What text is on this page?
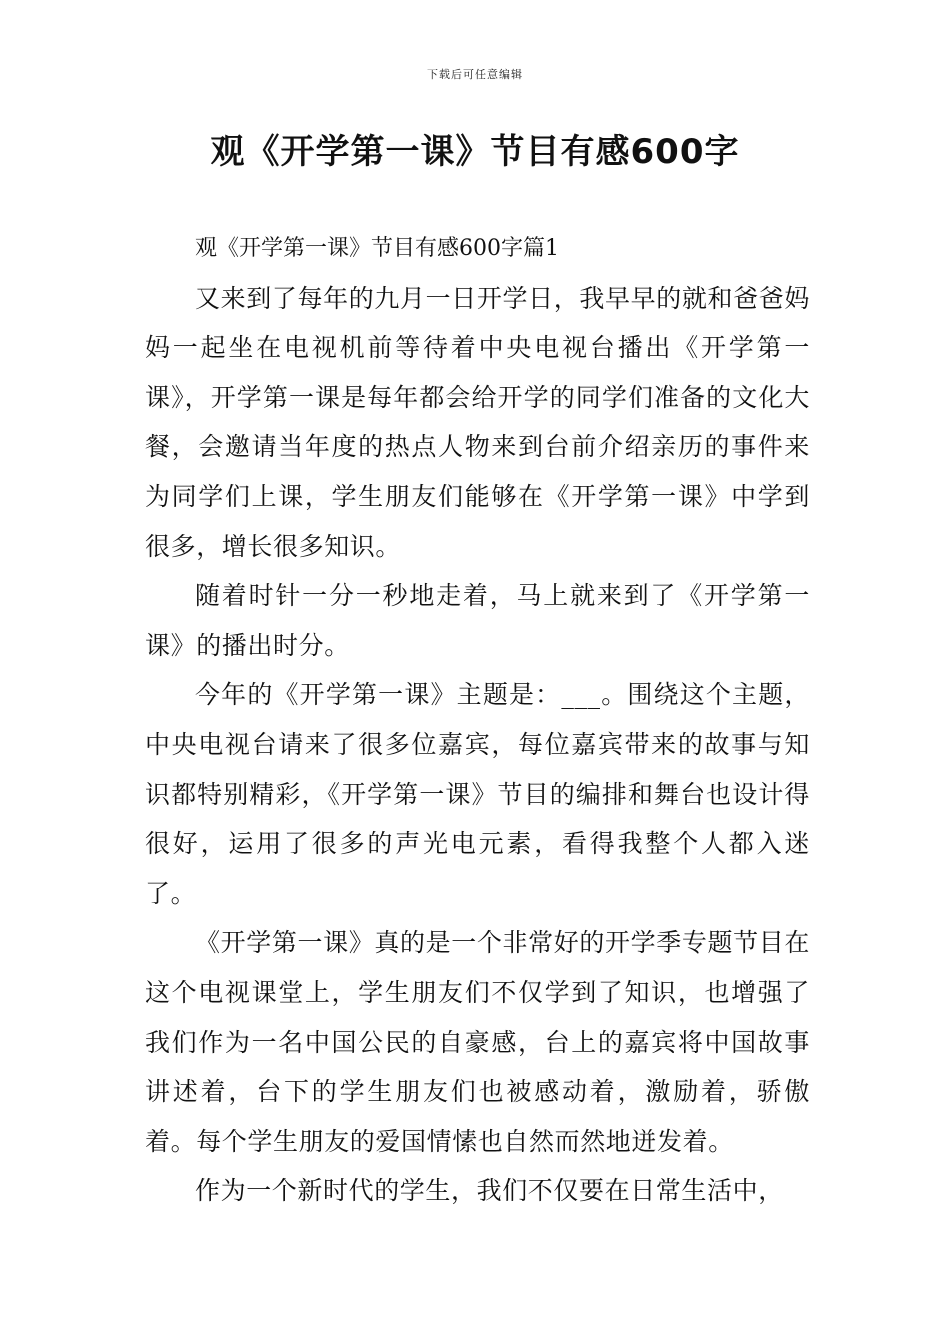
下载后可任意编辑
观《开学第一课》节目有感600字

观《开学第一课》节目有感600字篇1

又来到了每年的九月一日开学日，我早早的就和爸爸妈妈一起坐在电视机前等待着中央电视台播出《开学第一课》，开学第一课是每年都会给开学的同学们准备的文化大餐，会邀请当年度的热点人物来到台前介绍亲历的事件来为同学们上课，学生朋友们能够在《开学第一课》中学到很多，增长很多知识。

随着时针一分一秒地走着，马上就来到了《开学第一课》的播出时分。

今年的《开学第一课》主题是：___。围绕这个主题，中央电视台请来了很多位嘉宾，每位嘉宾带来的故事与知识都特别精彩，《开学第一课》节目的编排和舞台也设计得很好，运用了很多的声光电元素，看得我整个人都入迷了。

《开学第一课》真的是一个非常好的开学季专题节目在这个电视课堂上，学生朋友们不仅学到了知识，也增强了我们作为一名中国公民的自豪感，台上的嘉宾将中国故事讲述着，台下的学生朋友们也被感动着，激励着，骄傲着。每个学生朋友的爱国情愫也自然而然地迸发着。

作为一个新时代的学生，我们不仅要在日常生活中，
